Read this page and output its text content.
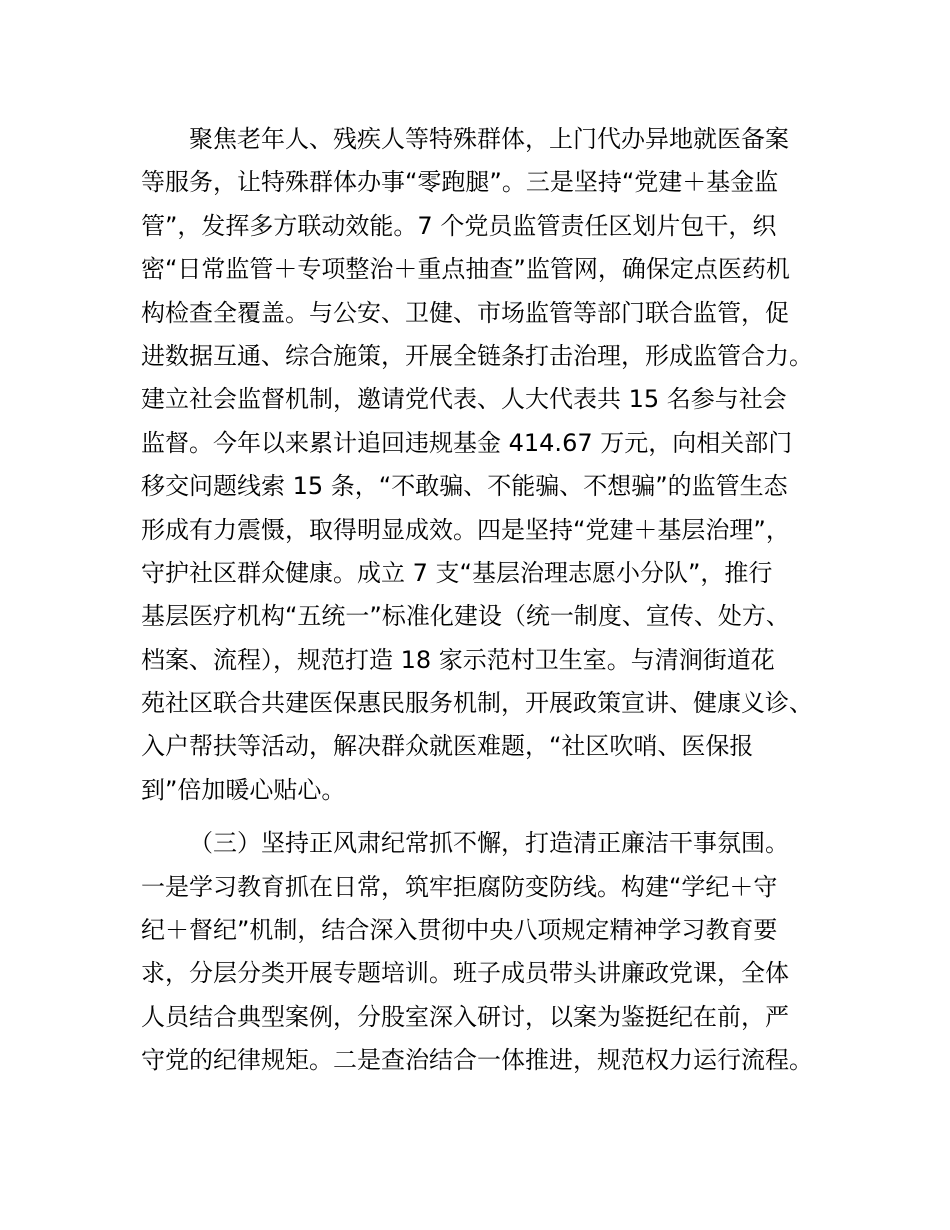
聚焦老年人、残疾人等特殊群体，上门代办异地就医备案
等服务，让特殊群体办事“零跑腿”。三是坚持“党建＋基金监
管”，发挥多方联动效能。7 个党员监管责任区划片包干，织
密“日常监管＋专项整治＋重点抽查”监管网，确保定点医药机
构检查全覆盖。与公安、卫健、市场监管等部门联合监管，促
进数据互通、综合施策，开展全链条打击治理，形成监管合力。
建立社会监督机制，邀请党代表、人大代表共 15 名参与社会
监督。今年以来累计追回违规基金 414.67 万元，向相关部门
移交问题线索 15 条，“不敢骗、不能骗、不想骗”的监管生态
形成有力震慑，取得明显成效。四是坚持“党建＋基层治理”，
守护社区群众健康。成立 7 支“基层治理志愿小分队”，推行
基层医疗机构“五统一”标准化建设（统一制度、宣传、处方、
档案、流程），规范打造 18 家示范村卫生室。与清涧街道花
苑社区联合共建医保惠民服务机制，开展政策宣讲、健康义诊、
入户帮扶等活动，解决群众就医难题，“社区吹哨、医保报
到”倍加暖心贴心。
（三）坚持正风肃纪常抓不懈，打造清正廉洁干事氛围。
一是学习教育抓在日常，筑牢拒腐防变防线。构建“学纪＋守
纪＋督纪”机制，结合深入贯彻中央八项规定精神学习教育要
求，分层分类开展专题培训。班子成员带头讲廉政党课，全体
人员结合典型案例，分股室深入研讨，以案为鉴挺纪在前，严
守党的纪律规矩。二是查治结合一体推进，规范权力运行流程。
